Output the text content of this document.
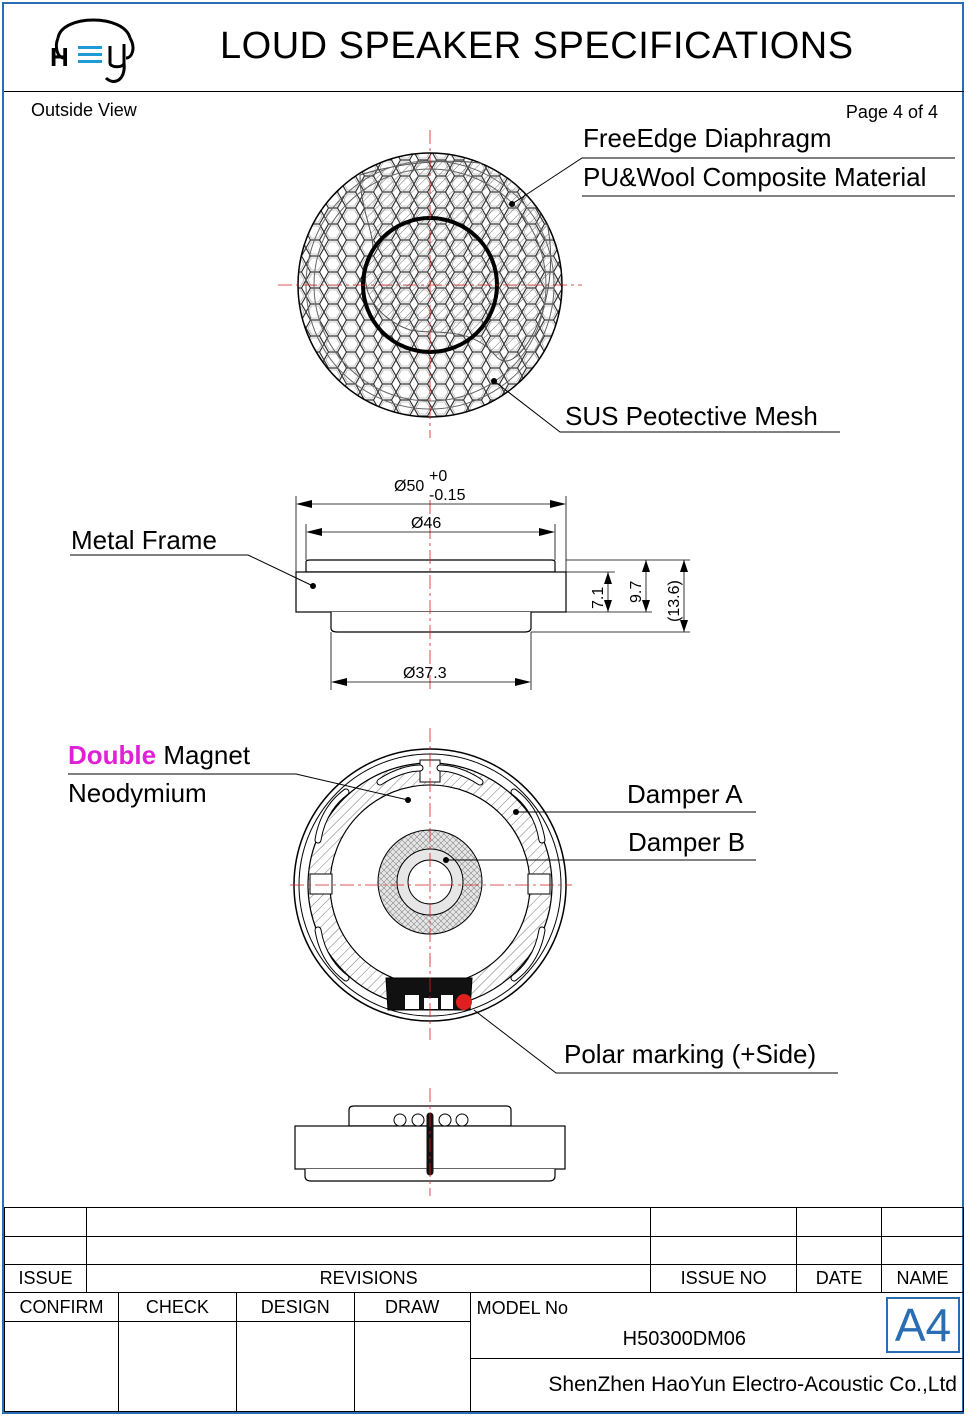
H	LOUD SPEAKER SPECIFICATIONS
Outside View	Page 4 of 4
Ø50
+0
-0.15
Ø46
Ø37.3
7.1 9.7 (13.6)
FreeEdge Diaphragm
PU&Wool Composite Material
SUS Peotective Mesh
Metal Frame
Double Magnet
Neodymium	Damper A
Damper B
Polar marking (+Side)

ISSUE	REVISIONS	ISSUE NO	DATE	NAME
CONFIRM	CHECK	DESIGN	DRAW	MODEL No
H50300DM06

				ShenZhen HaoYun Electro-Acoustic Co.,Ltd
A4
